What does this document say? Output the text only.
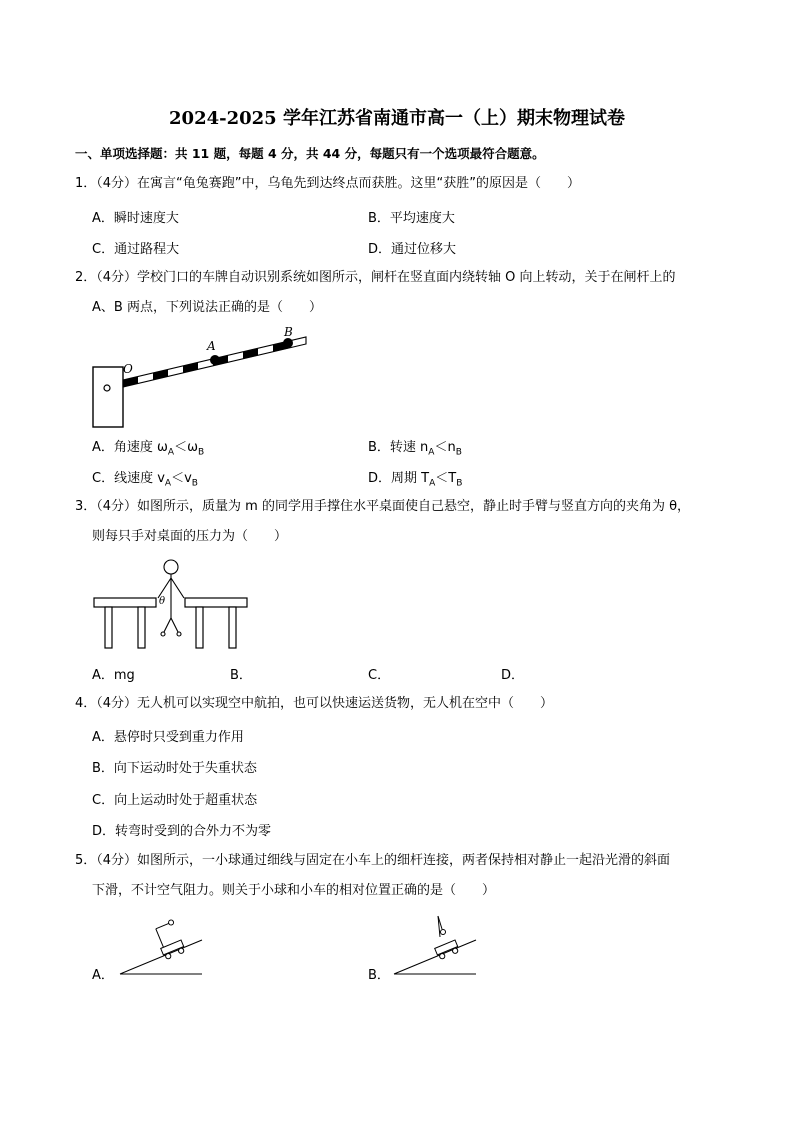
2024-2025 学年江苏省南通市高一（上）期末物理试卷
一、单项选择题：共 11 题，每题 4 分，共 44 分，每题只有一个选项最符合题意。
1．（4分）在寓言“龟兔赛跑”中，乌龟先到达终点而获胜。这里“获胜”的原因是（　　）
A．瞬时速度大	B．平均速度大
C．通过路程大	D．通过位移大
2．（4分）学校门口的车牌自动识别系统如图所示，闸杆在竖直面内绕转轴 O 向上转动，关于在闸杆上的
A、B 两点，下列说法正确的是（　　）
O
A
B
A．角速度 $\omega_A<\omega_B$	B．转速 $n_A<n_B$
C．线速度 $v_A<v_B$	D．周期 $T_A<T_B$
3．（4分）如图所示，质量为 m 的同学用手撑住水平桌面使自己悬空，静止时手臂与竖直方向的夹角为 θ，
则每只手对桌面的压力为（　　）
θ
A．mg	B．	C．	D．
4．（4分）无人机可以实现空中航拍，也可以快速运送货物，无人机在空中（　　）
A．悬停时只受到重力作用
B．向下运动时处于失重状态
C．向上运动时处于超重状态
D．转弯时受到的合外力不为零
5．（4分）如图所示，一小球通过细线与固定在小车上的细杆连接，两者保持相对静止一起沿光滑的斜面
下滑，不计空气阻力。则关于小球和小车的相对位置正确的是（　　）
A．	B．
